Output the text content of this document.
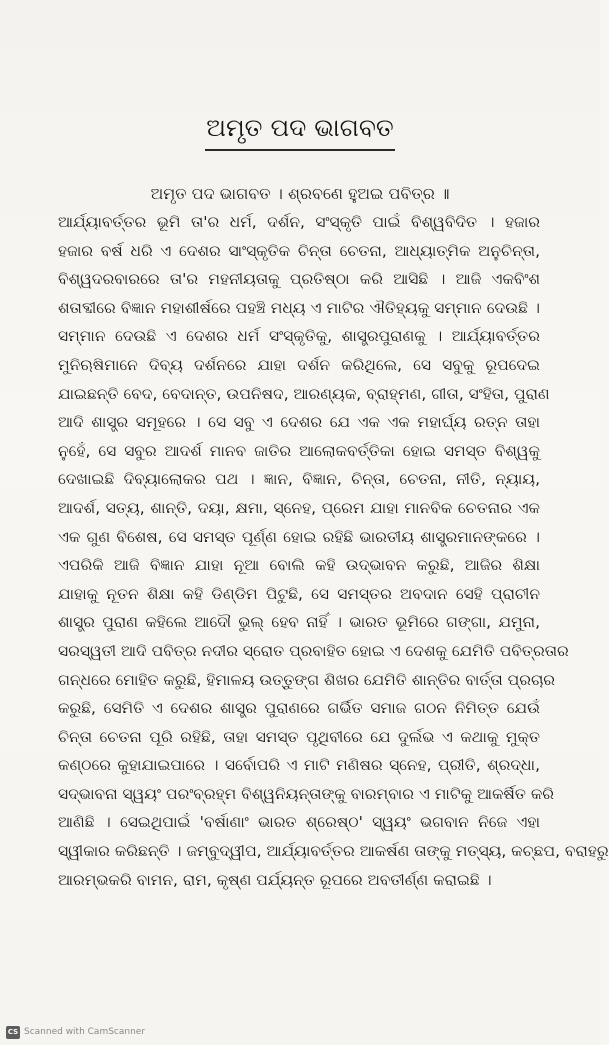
ଅମୃତ ପଦ ଭାଗବତ
ଅମୃତ ପଦ ଭାଗବତ । ଶ୍ରବଣେ ହୁଅଇ ପବିତ୍ର ॥
ଆର୍ଯ୍ୟାବର୍ତ୍ତର ଭୂମି ତା'ର ଧର୍ମ, ଦର୍ଶନ, ସଂସ୍କୃତି ପାଇଁ ବିଶ୍ୱବିଦିତ । ହଜାର
ହଜାର ବର୍ଷ ଧରି ଏ ଦେଶର ସାଂସ୍କୃତିକ ଚିନ୍ତା ଚେତନା, ଆଧ୍ୟାତ୍ମିକ ଅନୁଚିନ୍ତା,
ବିଶ୍ୱଦରବାରରେ ତା'ର ମହନୀୟତାକୁ ପ୍ରତିଷ୍ଠା କରି ଆସିଛି । ଆଜି ଏକବିଂଶ
ଶତାବ୍ଦୀରେ ବିଜ୍ଞାନ ମହାଶୀର୍ଷରେ ପହଞ୍ଚି ମଧ୍ୟ ଏ ମାଟିର ଐତିହ୍ୟକୁ ସମ୍ମାନ ଦେଉଛି ।
ସମ୍ମାନ ଦେଉଛି ଏ ଦେଶର ଧର୍ମ ସଂସ୍କୃତିକୁ, ଶାସ୍ତ୍ରପୁରାଣକୁ । ଆର୍ଯ୍ୟାବର୍ତ୍ତର
ମୁନିଋଷିମାନେ ଦିବ୍ୟ ଦର୍ଶନରେ ଯାହା ଦର୍ଶନ କରିଥିଲେ, ସେ ସବୁକୁ ରୂପଦେଇ
ଯାଇଛନ୍ତି ବେଦ, ବେଦାନ୍ତ, ଉପନିଷଦ, ଆରଣ୍ୟକ, ବ୍ରାହ୍ମଣ, ଗୀତା, ସଂହିତା, ପୁରାଣ
ଆଦି ଶାସ୍ତ୍ର ସମୂହରେ । ସେ ସବୁ ଏ ଦେଶର ଯେ ଏକ ଏକ ମହାର୍ଘ୍ୟ ରତ୍ନ ତାହା
ନୁହେଁ, ସେ ସବୁର ଆଦର୍ଶ ମାନବ ଜାତିର ଆଲୋକବର୍ତ୍ତିକା ହୋଇ ସମସ୍ତ ବିଶ୍ୱକୁ
ଦେଖାଇଛି ଦିବ୍ୟାଲୋକର ପଥ । ଜ୍ଞାନ, ବିଜ୍ଞାନ, ଚିନ୍ତା, ଚେତନା, ନୀତି, ନ୍ୟାୟ,
ଆଦର୍ଶ, ସତ୍ୟ, ଶାନ୍ତି, ଦୟା, କ୍ଷମା, ସ୍ନେହ, ପ୍ରେମ ଯାହା ମାନବିକ ଚେତନାର ଏକ
ଏକ ଗୁଣ ବିଶେଷ, ସେ ସମସ୍ତ ପୂର୍ଣ୍ଣ ହୋଇ ରହିଛି ଭାରତୀୟ ଶାସ୍ତ୍ରମାନଙ୍କରେ ।
ଏପରିକି ଆଜି ବିଜ୍ଞାନ ଯାହା ନୂଆ ବୋଲି କହି ଉଦ୍ଭାବନ କରୁଛି, ଆଜିର ଶିକ୍ଷା
ଯାହାକୁ ନୂତନ ଶିକ୍ଷା କହି ଡିଣ୍ଡିମ ପିଟୁଛି, ସେ ସମସ୍ତର ଅବଦାନ ସେହି ପ୍ରାଚୀନ
ଶାସ୍ତ୍ର ପୁରାଣ କହିଲେ ଆଦୌ ଭୁଲ୍ ହେବ ନାହିଁ । ଭାରତ ଭୂମିରେ ଗଙ୍ଗା, ଯମୁନା,
ସରସ୍ୱତୀ ଆଦି ପବିତ୍ର ନଦୀର ସ୍ରୋତ ପ୍ରବାହିତ ହୋଇ ଏ ଦେଶକୁ ଯେମିତି ପବିତ୍ରତାର
ଗନ୍ଧରେ ମୋହିତ କରୁଛି, ହିମାଳୟ ଉତ୍ତୁଙ୍ଗ ଶିଖର ଯେମିତି ଶାନ୍ତିର ବାର୍ତ୍ତା ପ୍ରଚାର
କରୁଛି, ସେମିତି ଏ ଦେଶର ଶାସ୍ତ୍ର ପୁରାଣରେ ଗର୍ଭିତ ସମାଜ ଗଠନ ନିମିତ୍ତ ଯେଉଁ
ଚିନ୍ତା ଚେତନା ପୂରି ରହିଛି, ତାହା ସମସ୍ତ ପୃଥିବୀରେ ଯେ ଦୁର୍ଲଭ ଏ କଥାକୁ ମୁକ୍ତ
କଣ୍ଠରେ କୁହାଯାଇପାରେ । ସର୍ବୋପରି ଏ ମାଟି ମଣିଷର ସ୍ନେହ, ପ୍ରୀତି, ଶ୍ରଦ୍ଧା,
ସଦ୍ଭାବନା ସ୍ୱୟଂ ପରଂବ୍ରହ୍ମ ବିଶ୍ୱନିୟନ୍ତାଙ୍କୁ ବାରମ୍ବାର ଏ ମାଟିକୁ ଆକର୍ଷିତ କରି
ଆଣିଛି । ସେଇଥିପାଇଁ 'ବର୍ଷାଣାଂ ଭାରତ ଶ୍ରେଷ୍ଠ' ସ୍ୱୟଂ ଭଗବାନ ନିଜେ ଏହା
ସ୍ୱୀକାର କରିଛନ୍ତି । ଜମ୍ବୁଦ୍ୱୀପ, ଆର୍ଯ୍ୟାବର୍ତ୍ତର ଆକର୍ଷଣ ତାଙ୍କୁ ମତ୍ସ୍ୟ, କଚ୍ଛପ, ବରାହରୁ
ଆରମ୍ଭକରି ବାମନ, ରାମ, କୃଷ୍ଣ ପର୍ଯ୍ୟନ୍ତ ରୂପରେ ଅବତୀର୍ଣ୍ଣ କରାଇଛି ।
CS Scanned with CamScanner
